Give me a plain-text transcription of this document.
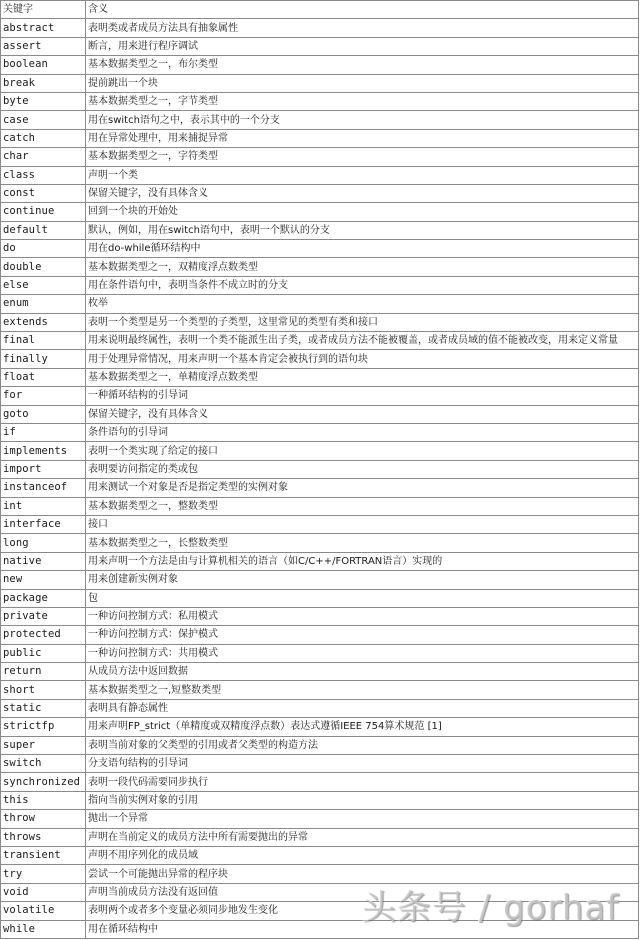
关键字	含义
abstract	表明类或者成员方法具有抽象属性
assert	断言，用来进行程序调试
boolean	基本数据类型之一，布尔类型
break	提前跳出一个块
byte	基本数据类型之一，字节类型
case	用在switch语句之中，表示其中的一个分支
catch	用在异常处理中，用来捕捉异常
char	基本数据类型之一，字符类型
class	声明一个类
const	保留关键字，没有具体含义
continue	回到一个块的开始处
default	默认，例如，用在switch语句中，表明一个默认的分支
do	用在do-while循环结构中
double	基本数据类型之一，双精度浮点数类型
else	用在条件语句中，表明当条件不成立时的分支
enum	枚举
extends	表明一个类型是另一个类型的子类型，这里常见的类型有类和接口
final	用来说明最终属性，表明一个类不能派生出子类，或者成员方法不能被覆盖，或者成员域的值不能被改变，用来定义常量
finally	用于处理异常情况，用来声明一个基本肯定会被执行到的语句块
float	基本数据类型之一，单精度浮点数类型
for	一种循环结构的引导词
goto	保留关键字，没有具体含义
if	条件语句的引导词
implements	表明一个类实现了给定的接口
import	表明要访问指定的类或包
instanceof	用来测试一个对象是否是指定类型的实例对象
int	基本数据类型之一，整数类型
interface	接口
long	基本数据类型之一，长整数类型
native	用来声明一个方法是由与计算机相关的语言（如C/C++/FORTRAN语言）实现的
new	用来创建新实例对象
package	包
private	一种访问控制方式：私用模式
protected	一种访问控制方式：保护模式
public	一种访问控制方式：共用模式
return	从成员方法中返回数据
short	基本数据类型之一,短整数类型
static	表明具有静态属性
strictfp	用来声明FP_strict（单精度或双精度浮点数）表达式遵循IEEE 754算术规范 [1]
super	表明当前对象的父类型的引用或者父类型的构造方法
switch	分支语句结构的引导词
synchronized	表明一段代码需要同步执行
this	指向当前实例对象的引用
throw	抛出一个异常
throws	声明在当前定义的成员方法中所有需要抛出的异常
transient	声明不用序列化的成员域
try	尝试一个可能抛出异常的程序块
void	声明当前成员方法没有返回值
volatile	表明两个或者多个变量必须同步地发生变化
while	用在循环结构中
头条号 / gorhaf
